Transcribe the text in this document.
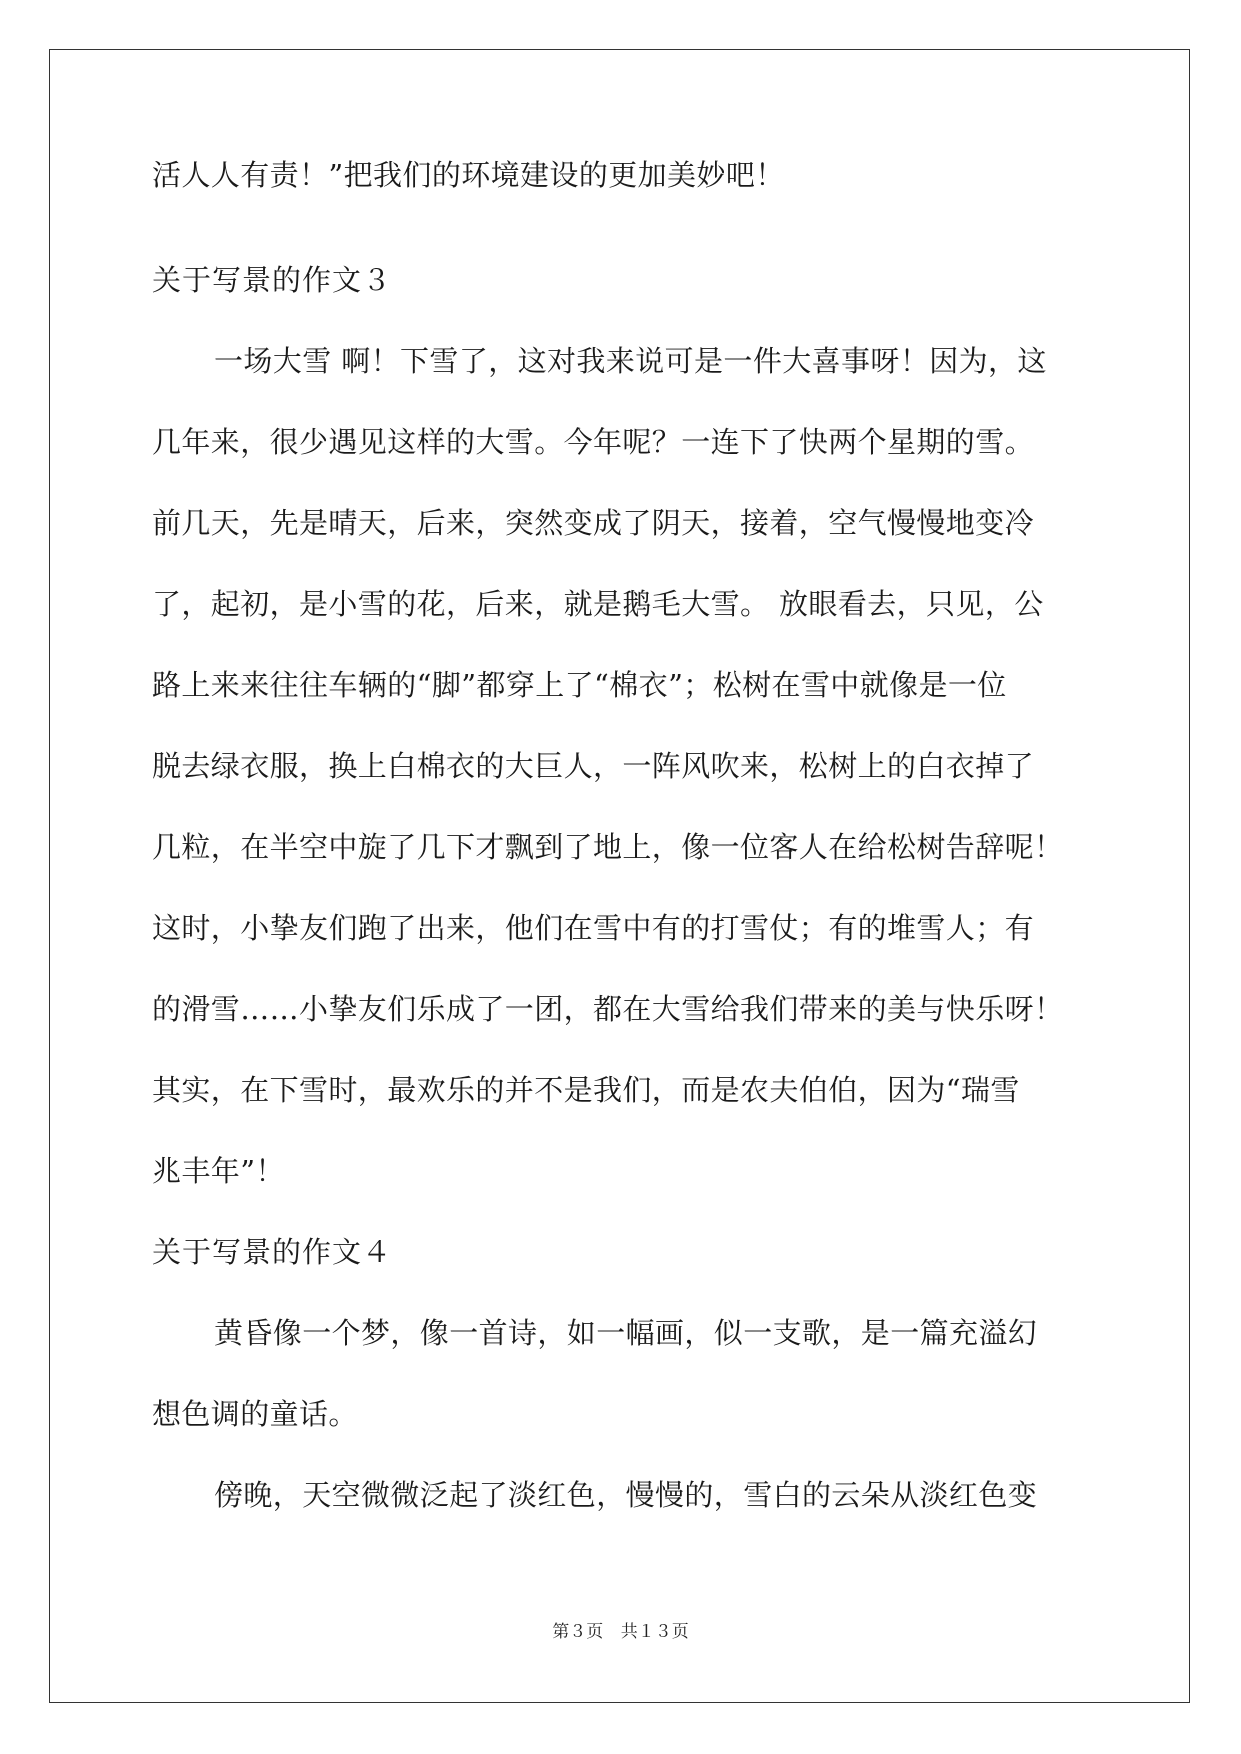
活人人有责！”把我们的环境建设的更加美妙吧！
关于写景的作文３
一场大雪 啊！下雪了，这对我来说可是一件大喜事呀！因为，这
几年来，很少遇见这样的大雪。今年呢？一连下了快两个星期的雪。
前几天，先是晴天，后来，突然变成了阴天，接着，空气慢慢地变冷
了，起初，是小雪的花，后来，就是鹅毛大雪。 放眼看去，只见，公
路上来来往往车辆的“脚”都穿上了“棉衣”；松树在雪中就像是一位
脱去绿衣服，换上白棉衣的大巨人，一阵风吹来，松树上的白衣掉了
几粒，在半空中旋了几下才飘到了地上，像一位客人在给松树告辞呢！
这时，小挚友们跑了出来，他们在雪中有的打雪仗；有的堆雪人；有
的滑雪……小挚友们乐成了一团，都在大雪给我们带来的美与快乐呀！
其实，在下雪时，最欢乐的并不是我们，而是农夫伯伯，因为“瑞雪
兆丰年”！
关于写景的作文４
黄昏像一个梦，像一首诗，如一幅画，似一支歌，是一篇充溢幻
想色调的童话。
傍晚，天空微微泛起了淡红色，慢慢的，雪白的云朵从淡红色变
第３页 共１３页
